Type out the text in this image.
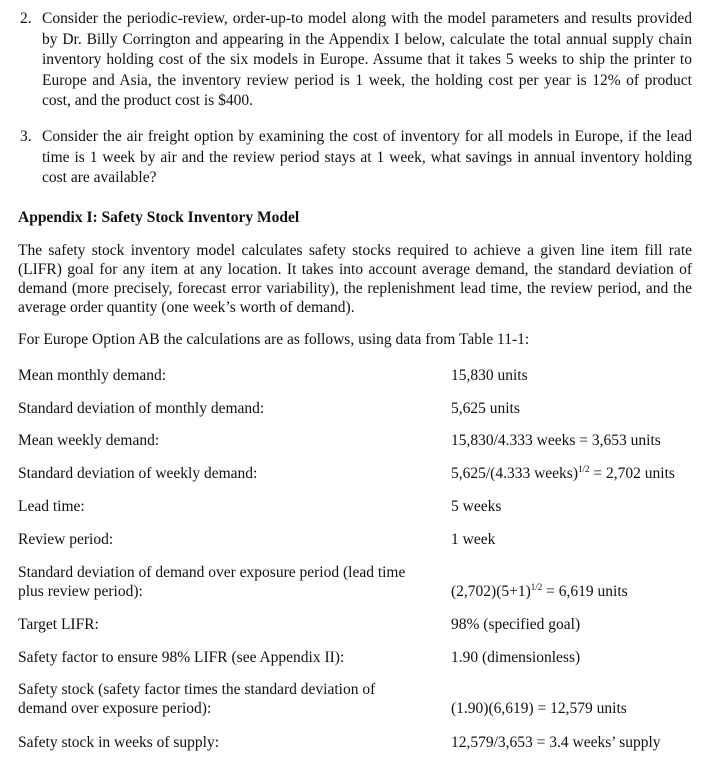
2. Consider the periodic-review, order-up-to model along with the model parameters and results provided by Dr. Billy Corrington and appearing in the Appendix I below, calculate the total annual supply chain inventory holding cost of the six models in Europe. Assume that it takes 5 weeks to ship the printer to Europe and Asia, the inventory review period is 1 week, the holding cost per year is 12% of product cost, and the product cost is $400.
3. Consider the air freight option by examining the cost of inventory for all models in Europe, if the lead time is 1 week by air and the review period stays at 1 week, what savings in annual inventory holding cost are available?
Appendix I: Safety Stock Inventory Model
The safety stock inventory model calculates safety stocks required to achieve a given line item fill rate (LIFR) goal for any item at any location. It takes into account average demand, the standard deviation of demand (more precisely, forecast error variability), the replenishment lead time, the review period, and the average order quantity (one week’s worth of demand).
For Europe Option AB the calculations are as follows, using data from Table 11-1:
Mean monthly demand:	15,830 units
Standard deviation of monthly demand:	5,625 units
Mean weekly demand:	15,830/4.333 weeks = 3,653 units
Standard deviation of weekly demand:	5,625/(4.333 weeks)$^{1/2}$ = 2,702 units
Lead time:	5 weeks
Review period:	1 week
Standard deviation of demand over exposure period (lead time plus review period):	$(2,702)(5+1)^{1/2} = 6,619$ units
Target LIFR:	98% (specified goal)
Safety factor to ensure 98% LIFR (see Appendix II):	1.90 (dimensionless)
Safety stock (safety factor times the standard deviation of demand over exposure period):	(1.90)(6,619) = 12,579 units
Safety stock in weeks of supply:	12,579/3,653 = 3.4 weeks’ supply
